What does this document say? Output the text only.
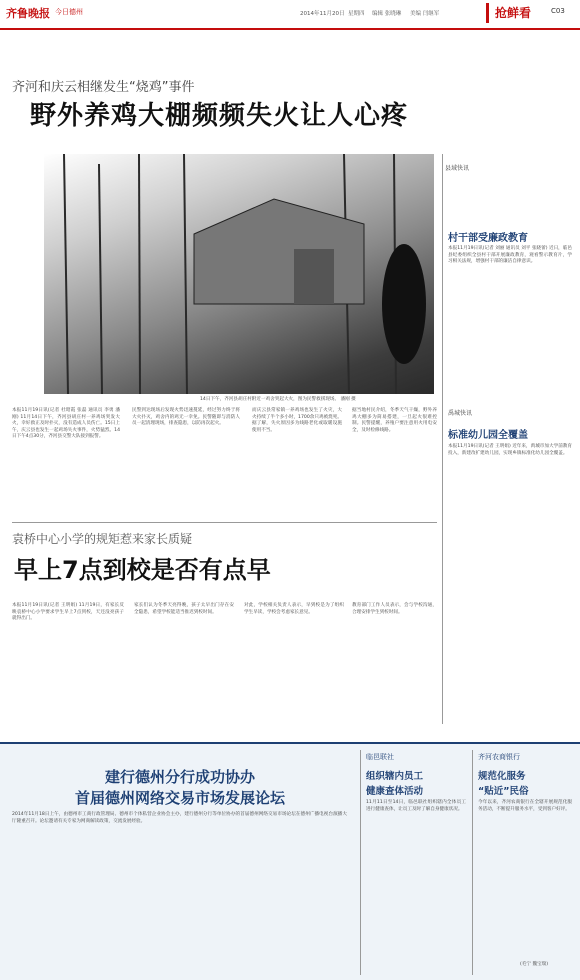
齐鲁晚报 今日德州	2014年11月20日 星期四 编辑 张晓琳 美编 闫继军	抢鲜看	C03
齐河和庆云相继发生“烧鸡”事件
野外养鸡大棚频频失火让人心疼
14日下午，齐河县胡庄村附近一鸡舍突起大火，图为民警救援现场。 潘刚 摄
本报11月19日讯(记者 杜昭霞 张磊 通讯员 李勇 潘刚) 11月14日下午，齐河县胡庄村一养鸡场突发大火，幸好救正及时扑灭，没有造成人员伤亡。15日上午，庆云县也发生一起鸡场失火事件，火势猛烈。14日下午4点30分，齐河县交警大队接到报警。
民警到达现场后发现火势迅速蔓延，经过努力终于将大火扑灭，鸡舍内的鸡无一幸免。民警随即与消防人员一起清理现场，排查隐患，以防再次起火。
而庆云县常家镇一养鸡场也发生了火灾，大火持续了半个多小时，1700余只鸡被烧死。据了解，失火原因多为线路老化或取暖设施使用不当。
据当地村民介绍，冬季天气干燥，野外养鸡大棚多为简易搭建，一旦起火很难控制。民警提醒，养殖户要注意用火用电安全，及时检修线路。
袁桥中心小学的规矩惹来家长质疑
早上7点到校是否有点早
本报11月19日讯(记者 王明娟) 11月19日，有家长反映袁桥中心小学要求学生早上7点到校，天还没亮孩子就得出门。
家长们认为冬季天亮得晚，孩子太早出门存在安全隐患，希望学校能适当推迟到校时间。
对此，学校相关负责人表示，早到校是为了组织学生早读，学校会考虑家长意见。
教育部门工作人员表示，会与学校沟通，合理安排学生到校时间。
县域快讯
村干部受廉政教育
本报11月19日讯(记者 刘丽 通讯员 刘平 张晓蕾) 近日，临邑县纪委组织全县村干部开展廉政教育，观看警示教育片，学习相关法规，增强村干部的廉洁自律意识。
禹城快讯
标准幼儿园全覆盖
本报11月19日讯(记者 王明娟) 近年来，禹城市加大学前教育投入，新建改扩建幼儿园，实现乡镇标准化幼儿园全覆盖。
建行德州分行成功协办
首届德州网络交易市场发展论坛
2014年11月18日上午，由德州市工商行政管理局、德州市个体私营企业协会主办，建行德州分行等单位协办的首届德州网络交易市场论坛在德州广播电视台演播大厅隆重召开。论坛邀请有关专家为网商解读政策，交流发展经验。
临邑联社
组织辖内员工
健康查体活动
11月11日至14日，临邑联社组织辖内全体员工进行健康查体，让员工及时了解自身健康状况。
齐河农商银行
规范化服务
“贴近”民俗
今年以来，齐河农商银行在全辖开展规范化服务活动，不断提升服务水平，受到客户好评。
(毛宁 魏宝瑞)
